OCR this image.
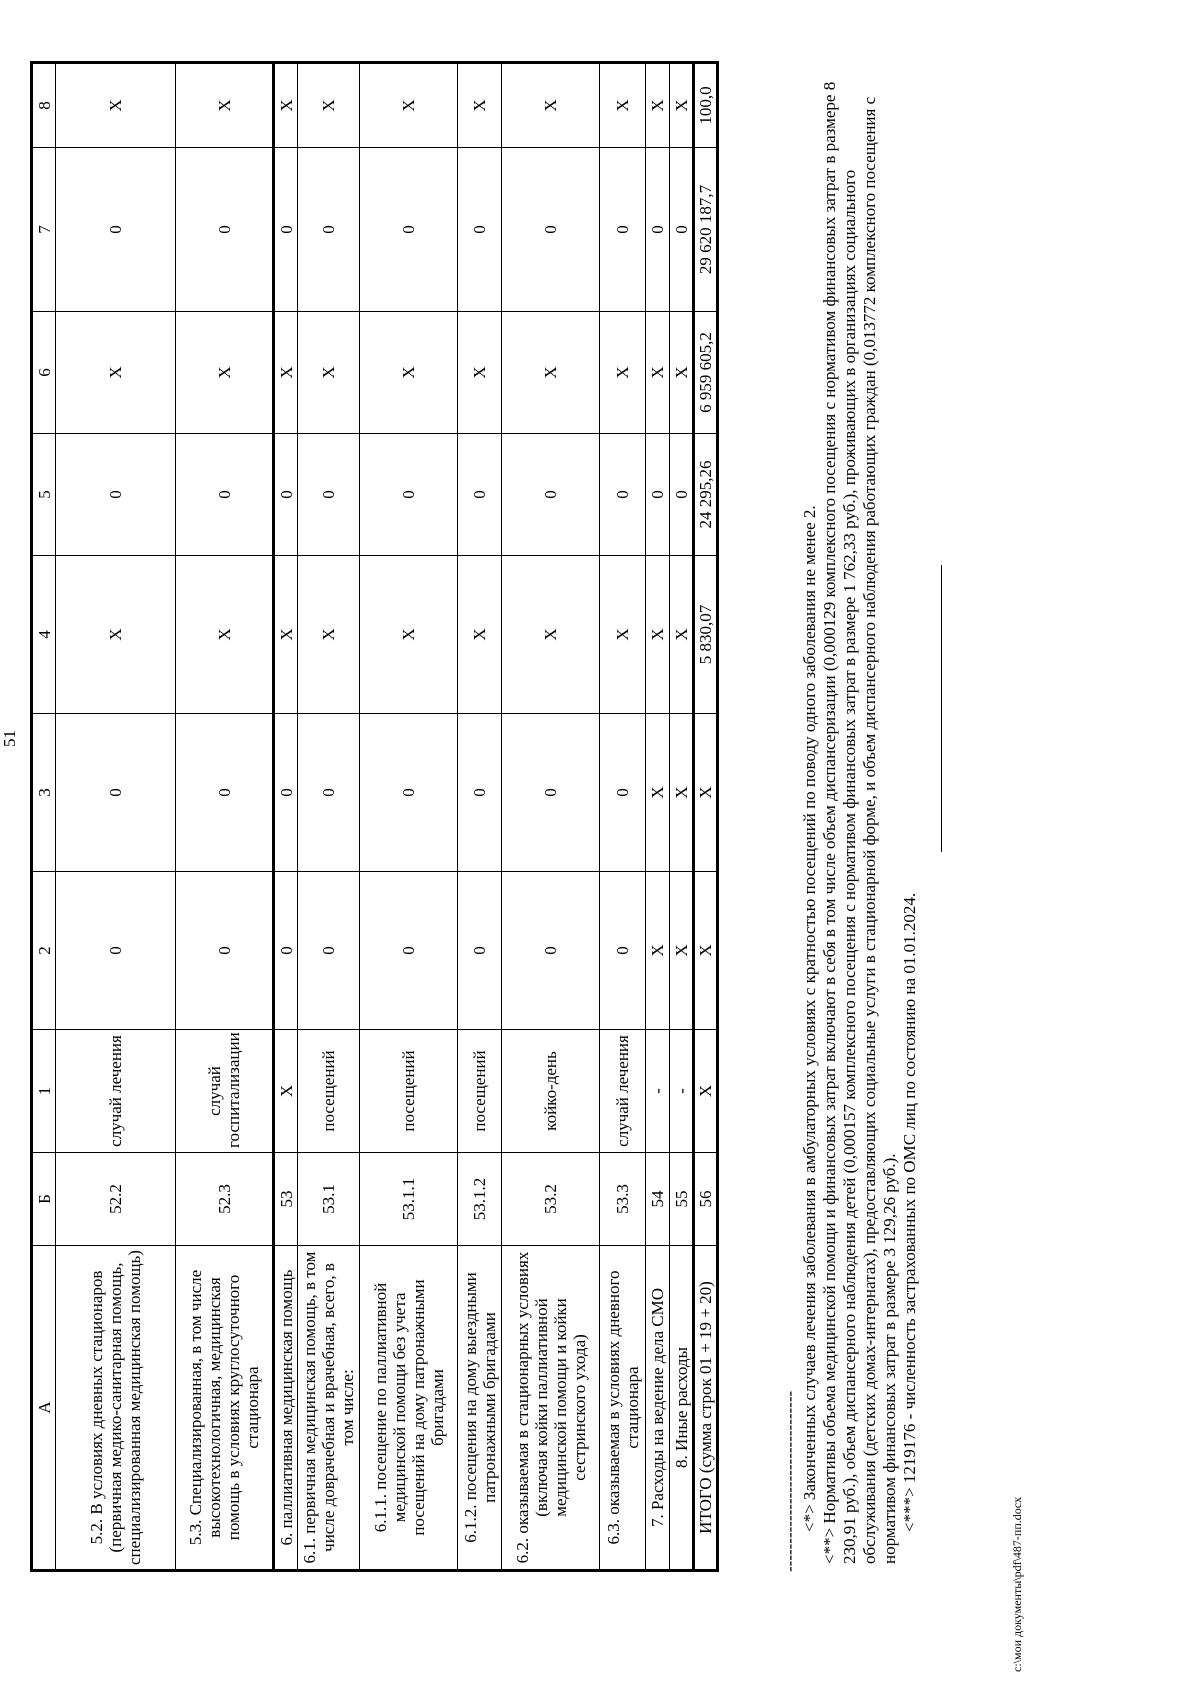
51
А	Б	1	2	3	4	5	6	7	8
5.2. В условиях дневных стационаров (первичная медико-санитарная помощь, специализированная медицинская помощь)	52.2	случай лечения	0	0	X	0	X	0	X
5.3. Специализированная, в том числе высокотехнологичная, медицинская помощь в условиях круглосуточного стационара	52.3	случай госпитализации	0	0	X	0	X	0	X
6. паллиативная медицинская помощь	53	X	0	0	X	0	X	0	X
6.1. первичная медицинская помощь, в том числе доврачебная и врачебная, всего, в том числе:	53.1	посещений	0	0	X	0	X	0	X
6.1.1. посещение по паллиативной медицинской помощи без учета посещений на дому патронажными бригадами	53.1.1	посещений	0	0	X	0	X	0	X
6.1.2. посещения на дому выездными патронажными бригадами	53.1.2	посещений	0	0	X	0	X	0	X
6.2. оказываемая в стационарных условиях (включая койки паллиативной медицинской помощи и койки сестринского ухода)	53.2	койко-день	0	0	X	0	X	0	X
6.3. оказываемая в условиях дневного стационара	53.3	случай лечения	0	0	X	0	X	0	X
7. Расходы на ведение дела СМО	54	-	X	X	X	0	X	0	X
8. Иные расходы	55	-	X	X	X	0	X	0	X
ИТОГО (сумма строк 01 + 19 + 20)	56	X	X	X	5 830,07	24 295,26	6 959 605,2	29 620 187,7	100,0

-------------------------------- <*> Законченных случаев лечения заболевания в амбулаторных условиях с кратностью посещений по поводу одного заболевания не менее 2. <**> Нормативы объема медицинской помощи и финансовых затрат включают в себя в том числе объем диспансеризации (0,000129 комплексного посещения с нормативом финансовых затрат в размере 8 230,91 руб.), объем диспансерного наблюдения детей (0,000157 комплексного посещения с нормативом финансовых затрат в размере 1 762,33 руб.), проживающих в организациях социального обслуживания (детских домах-интернатах), предоставляющих социальные услуги в стационарной форме, и объем диспансерного наблюдения работающих граждан (0,013772 комплексного посещения с нормативом финансовых затрат в размере 3 129,26 руб.). <***> 1219176 - численность застрахованных по ОМС лиц по состоянию на 01.01.2024.

c:\мои документы\pdf\487-пп.docx
